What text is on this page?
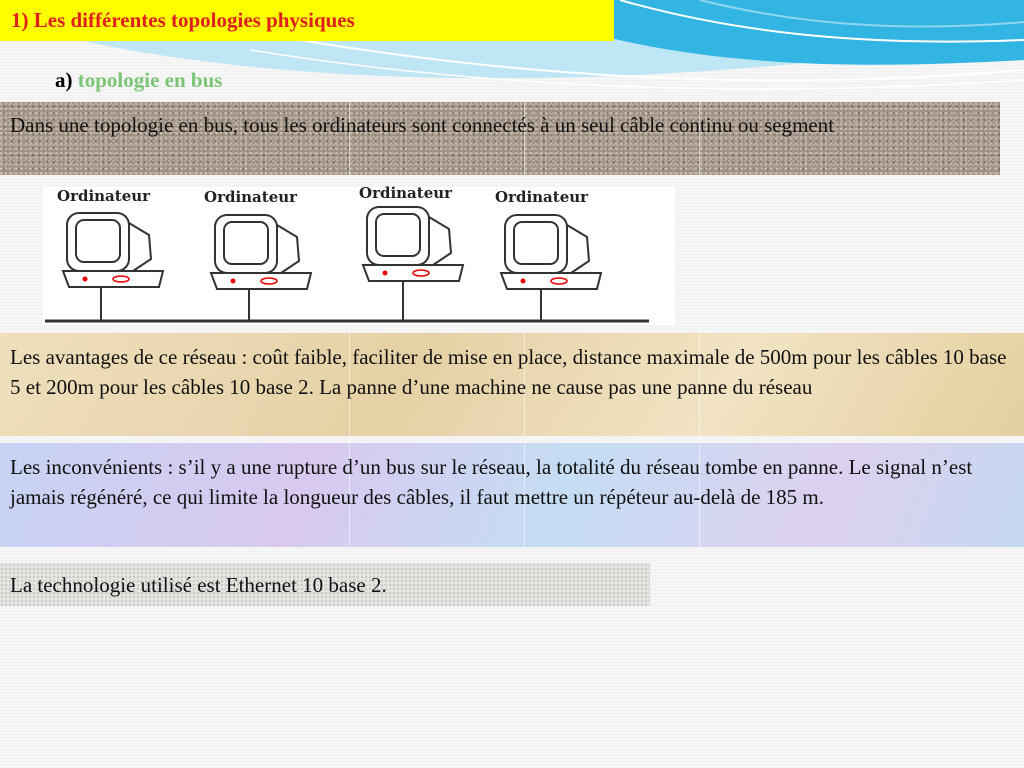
1) Les différentes topologies physiques
a) topologie en bus
Dans une topologie en bus, tous les ordinateurs sont connectés à un seul câble continu ou segment
Ordinateur	Ordinateur	Ordinateur	Ordinateur
Les avantages de ce réseau : coût faible, faciliter de mise en place, distance maximale de 500m pour les câbles 10 base 5 et 200m pour les câbles 10 base 2. La panne d’une machine ne cause pas une panne du réseau
Les inconvénients : s’il y a une rupture d’un bus sur le réseau, la totalité du réseau tombe en panne. Le signal n’est jamais régénéré, ce qui limite la longueur des câbles, il faut mettre un répéteur au-delà de 185 m.
La technologie utilisé est Ethernet 10 base 2.
